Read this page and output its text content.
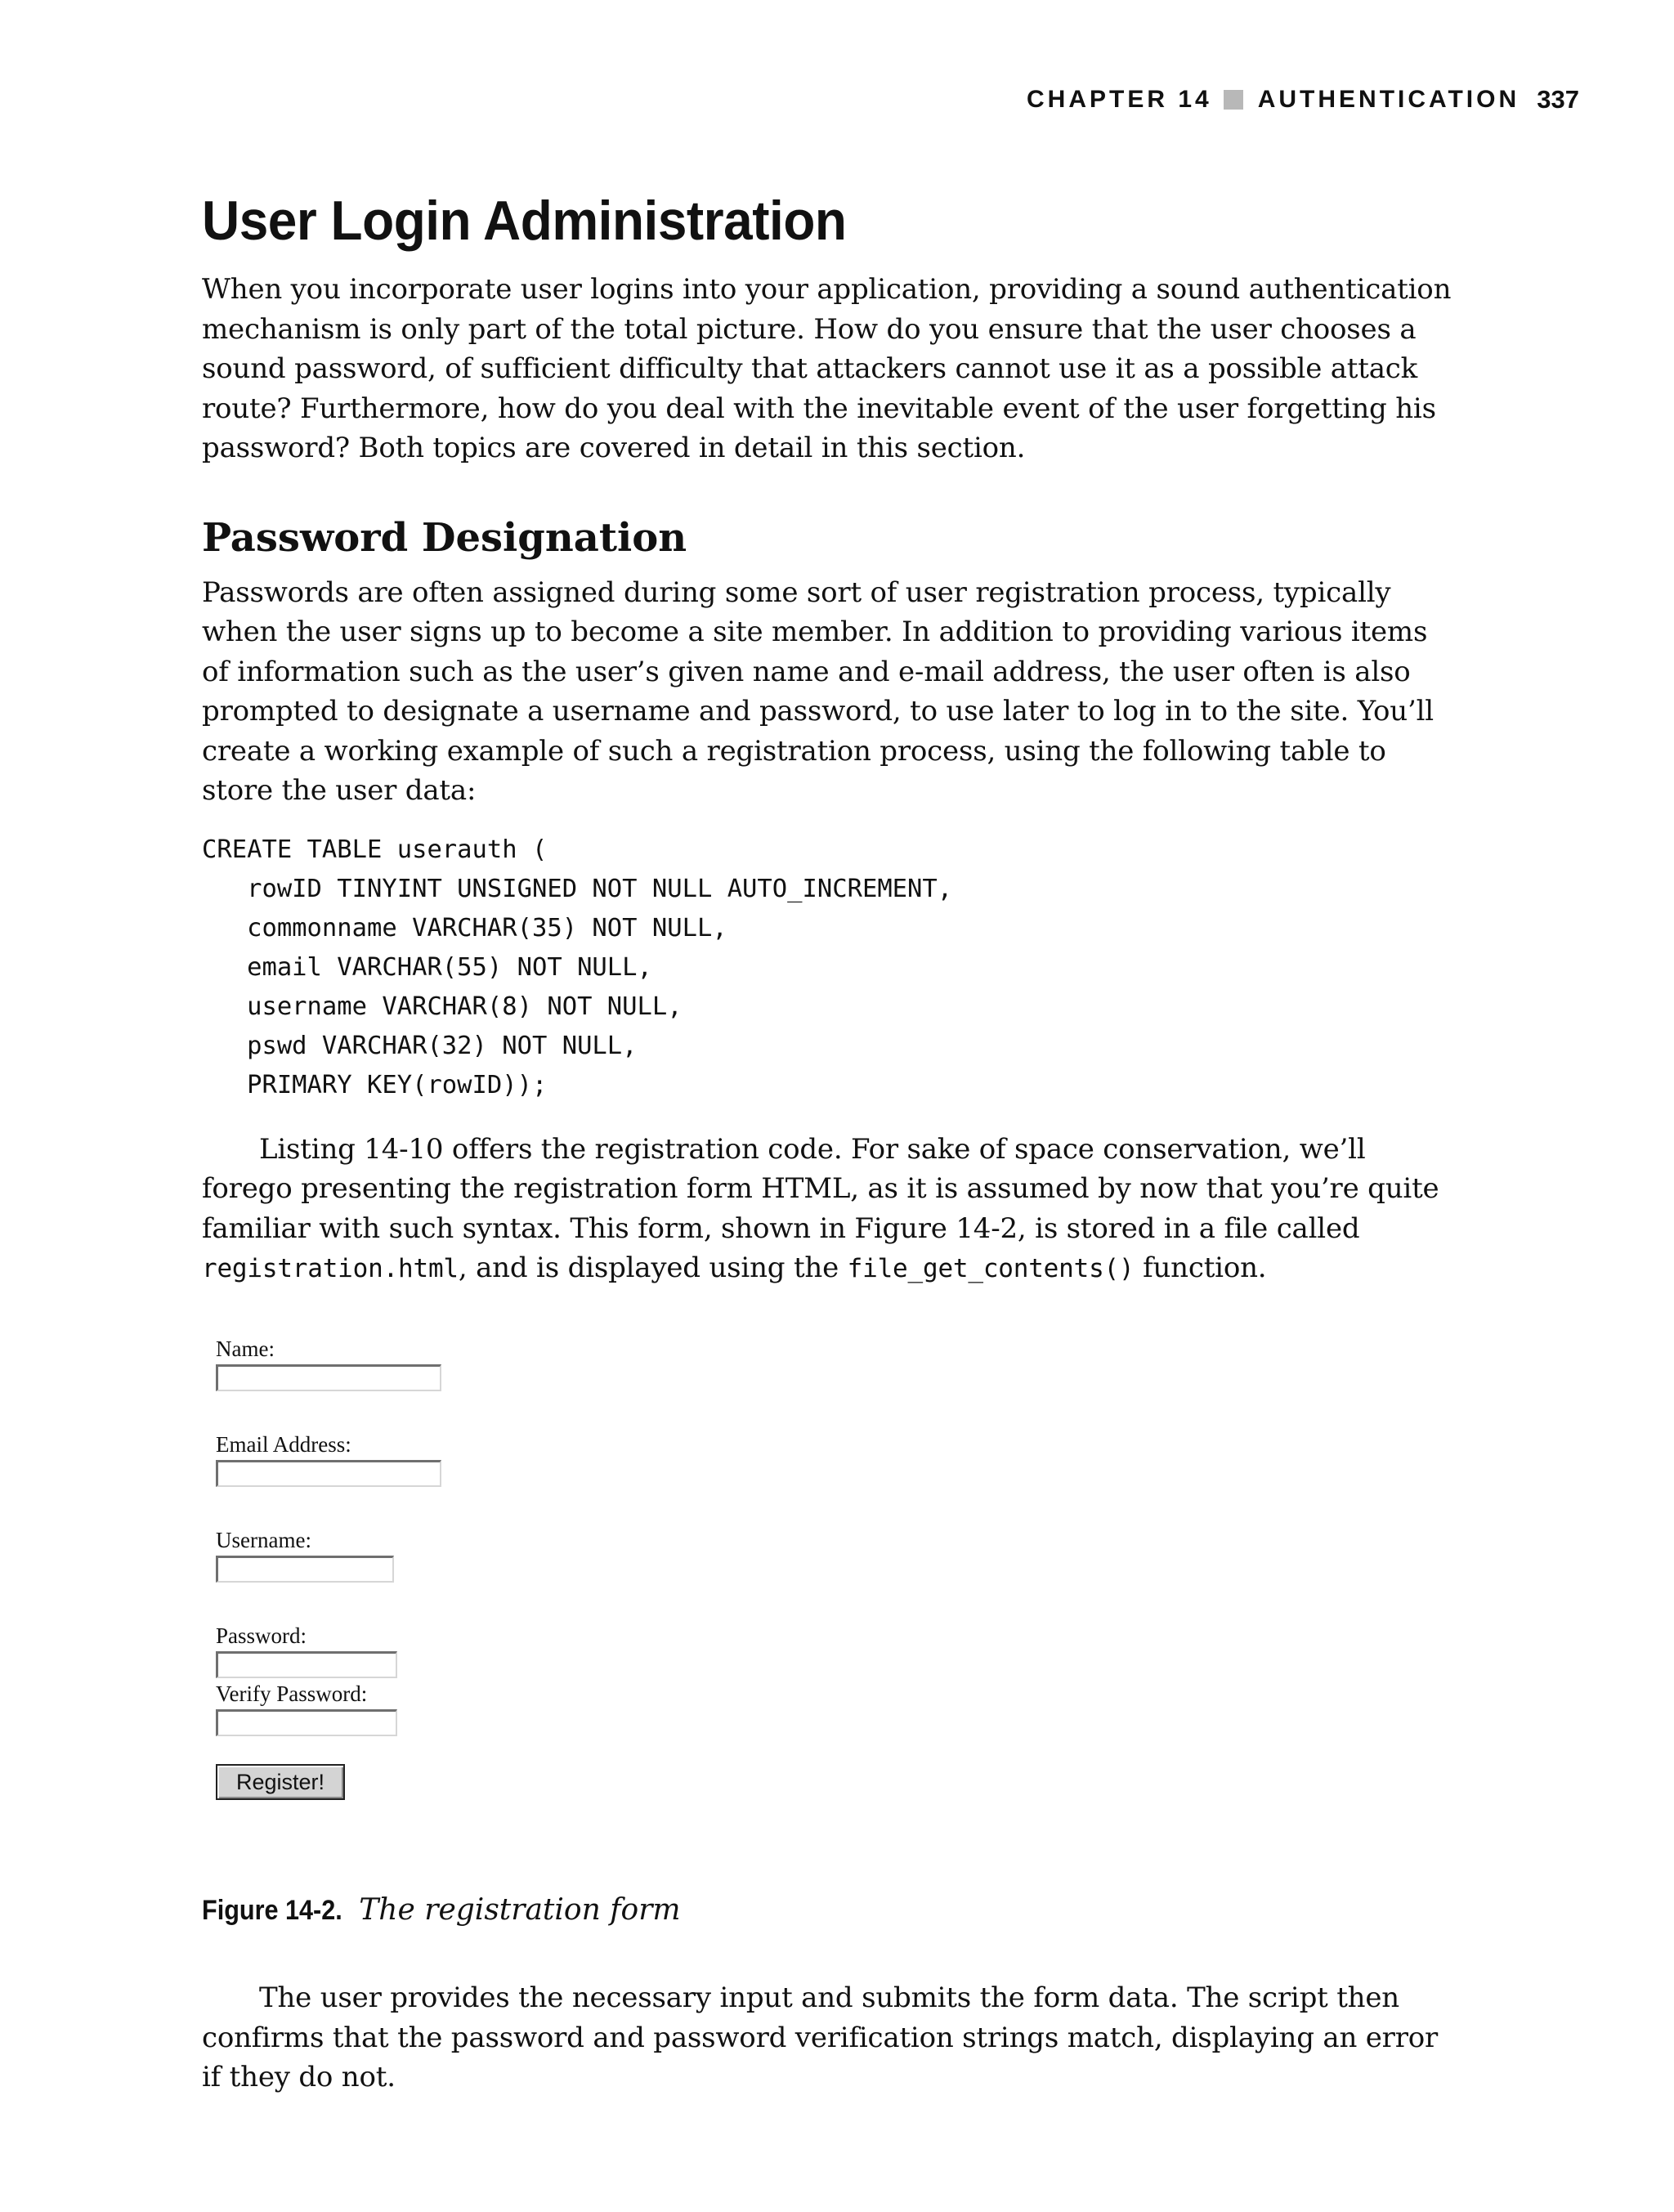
CHAPTER 14 AUTHENTICATION 337
User Login Administration

When you incorporate user logins into your application, providing a sound authentication mechanism is only part of the total picture. How do you ensure that the user chooses a sound password, of sufficient difficulty that attackers cannot use it as a possible attack route? Furthermore, how do you deal with the inevitable event of the user forgetting his password? Both topics are covered in detail in this section.

Password Designation

Passwords are often assigned during some sort of user registration process, typically when the user signs up to become a site member. In addition to providing various items of information such as the user’s given name and e-mail address, the user often is also prompted to designate a username and password, to use later to log in to the site. You’ll create a working example of such a registration process, using the following table to store the user data:

CREATE TABLE userauth (
rowID TINYINT UNSIGNED NOT NULL AUTO_INCREMENT,
commonname VARCHAR(35) NOT NULL,
email VARCHAR(55) NOT NULL,
username VARCHAR(8) NOT NULL,
pswd VARCHAR(32) NOT NULL,
PRIMARY KEY(rowID));

Listing 14-10 offers the registration code. For sake of space conservation, we’ll forego presenting the registration form HTML, as it is assumed by now that you’re quite familiar with such syntax. This form, shown in Figure 14-2, is stored in a file called registration.html, and is displayed using the file_get_contents() function.

Name:
Email Address:
Username:
Password:
Verify Password:
Register!
Figure 14-2. The registration form

The user provides the necessary input and submits the form data. The script then confirms that the password and password verification strings match, displaying an error if they do not.
